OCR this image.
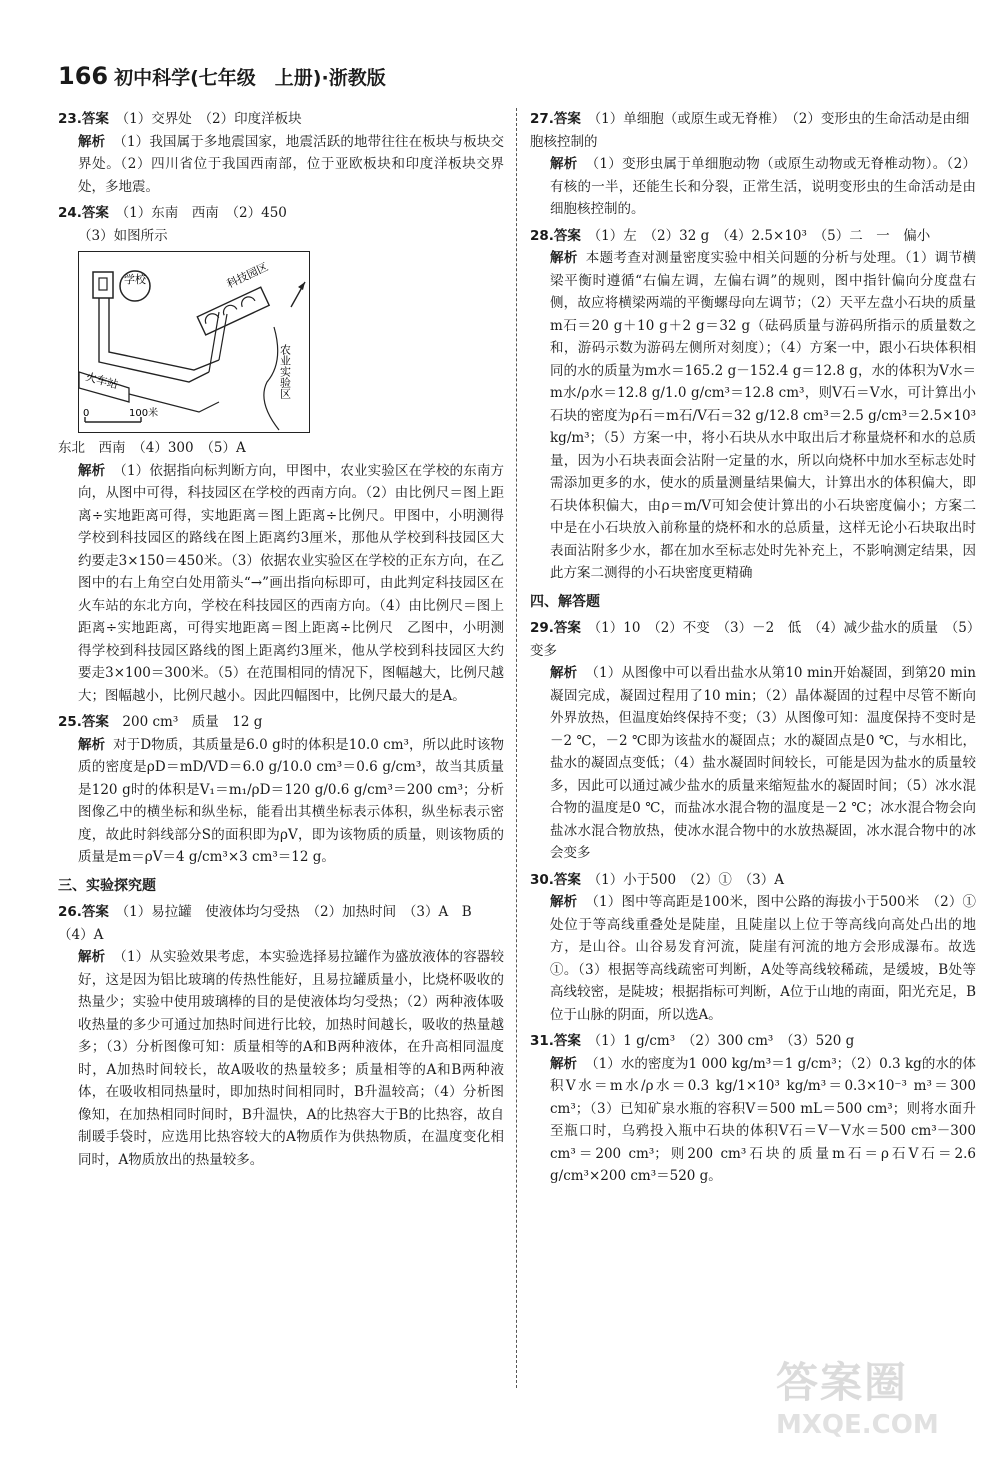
166 初中科学(七年级　上册)·浙教版
23.答案　 （1）交界处　（2）印度洋板块

解析 （1）我国属于多地震国家，地震活跃的地带往往在板块与板块交界处。（2）四川省位于我国西南部，位于亚欧板块和印度洋板块交界处，多地震。

24.答案　 （1）东南　西南　（2）450
（3）如图所示
学校	科技园区
农业实验区
火车站
0	100米
东北　西南　（4）300　（5）A

解析 （1）依据指向标判断方向，甲图中，农业实验区在学校的东南方向，从图中可得，科技园区在学校的西南方向。（2）由比例尺＝图上距离÷实地距离可得，实地距离＝图上距离÷比例尺。甲图中，小明测得学校到科技园区的路线在图上距离约3厘米，那他从学校到科技园区大约要走3×150＝450米。（3）依据农业实验区在学校的正东方向，在乙图中的右上角空白处用箭头“→”画出指向标即可，由此判定科技园区在火车站的东北方向，学校在科技园区的西南方向。（4）由比例尺＝图上距离÷实地距离，可得实地距离＝图上距离÷比例尺　乙图中，小明测得学校到科技园区路线的图上距离约3厘米，他从学校到科技园区大约要走3×100＝300米。（5）在范围相同的情况下，图幅越大，比例尺越大；图幅越小，比例尺越小。因此四幅图中，比例尺最大的是A。

25.答案　 200 cm³　质量　12 g

解析 对于D物质，其质量是6.0 g时的体积是10.0 cm³，所以此时该物质的密度是ρD＝mD/VD＝6.0 g/10.0 cm³＝0.6 g/cm³，故当其质量是120 g时的体积是V₁＝m₁/ρD＝120 g/0.6 g/cm³＝200 cm³；分析图像乙中的横坐标和纵坐标，能看出其横坐标表示体积，纵坐标表示密度，故此时斜线部分S的面积即为ρV，即为该物质的质量，则该物质的质量是m＝ρV＝4 g/cm³×3 cm³＝12 g。

三、实验探究题
26.答案　 （1）易拉罐　使液体均匀受热　（2）加热时间　（3）A　B　（4）A

解析 （1）从实验效果考虑，本实验选择易拉罐作为盛放液体的容器较好，这是因为铝比玻璃的传热性能好，且易拉罐质量小，比烧杯吸收的热量少；实验中使用玻璃棒的目的是使液体均匀受热；（2）两种液体吸收热量的多少可通过加热时间进行比较，加热时间越长，吸收的热量越多；（3）分析图像可知：质量相等的A和B两种液体，在升高相同温度时，A加热时间较长，故A吸收的热量较多；质量相等的A和B两种液体，在吸收相同热量时，即加热时间相同时，B升温较高；（4）分析图像知，在加热相同时间时，B升温快，A的比热容大于B的比热容，故自制暖手袋时，应选用比热容较大的A物质作为供热物质，在温度变化相同时，A物质放出的热量较多。

27.答案　 （1）单细胞（或原生或无脊椎）　（2）变形虫的生命活动是由细胞核控制的

解析 （1）变形虫属于单细胞动物（或原生动物或无脊椎动物）。（2）有核的一半，还能生长和分裂，正常生活，说明变形虫的生命活动是由细胞核控制的。

28.答案　 （1）左　（2）32 g　（4）2.5×10³　（5）二　一　偏小

解析 本题考查对测量密度实验中相关问题的分析与处理。（1）调节横梁平衡时遵循“右偏左调，左偏右调”的规则，图中指针偏向分度盘右侧，故应将横梁两端的平衡螺母向左调节；（2）天平左盘小石块的质量m石＝20 g＋10 g＋2 g＝32 g（砝码质量与游码所指示的质量数之和，游码示数为游码左侧所对刻度）；（4）方案一中，跟小石块体积相同的水的质量为m水＝165.2 g－152.4 g＝12.8 g，水的体积为V水＝m水/ρ水＝12.8 g/1.0 g/cm³＝12.8 cm³，则V石＝V水，可计算出小石块的密度为ρ石＝m石/V石＝32 g/12.8 cm³＝2.5 g/cm³＝2.5×10³ kg/m³；（5）方案一中，将小石块从水中取出后才称量烧杯和水的总质量，因为小石块表面会沾附一定量的水，所以向烧杯中加水至标志处时需添加更多的水，使水的质量测量结果偏大，计算出水的体积偏大，即石块体积偏大，由ρ＝m/V可知会使计算出的小石块密度偏小；方案二中是在小石块放入前称量的烧杯和水的总质量，这样无论小石块取出时表面沾附多少水，都在加水至标志处时先补充上，不影响测定结果，因此方案二测得的小石块密度更精确

四、解答题
29.答案　 （1）10　（2）不变　（3）－2　低　（4）减少盐水的质量　（5）变多

解析 （1）从图像中可以看出盐水从第10 min开始凝固，到第20 min凝固完成，凝固过程用了10 min；（2）晶体凝固的过程中尽管不断向外界放热，但温度始终保持不变；（3）从图像可知：温度保持不变时是－2 ℃，－2 ℃即为该盐水的凝固点；水的凝固点是0 ℃，与水相比，盐水的凝固点变低；（4）盐水凝固时间较长，可能是因为盐水的质量较多，因此可以通过减少盐水的质量来缩短盐水的凝固时间；（5）冰水混合物的温度是0 ℃，而盐冰水混合物的温度是－2 ℃；冰水混合物会向盐冰水混合物放热，使冰水混合物中的水放热凝固，冰水混合物中的冰会变多

30.答案　 （1）小于500　（2）①　（3）A

解析 （1）图中等高距是100米，图中公路的海拔小于500米　（2）①处位于等高线重叠处是陡崖，且陡崖以上位于等高线向高处凸出的地方，是山谷。山谷易发育河流，陡崖有河流的地方会形成瀑布。故选①。（3）根据等高线疏密可判断，A处等高线较稀疏，是缓坡，B处等高线较密，是陡坡；根据指标可判断，A位于山地的南面，阳光充足，B位于山脉的阴面，所以选A。

31.答案　 （1）1 g/cm³　（2）300 cm³　（3）520 g

解析 （1）水的密度为1 000 kg/m³＝1 g/cm³；（2）0.3 kg的水的体积V水＝m水/ρ水＝0.3 kg/1×10³ kg/m³＝0.3×10⁻³ m³＝300 cm³；（3）已知矿泉水瓶的容积V＝500 mL＝500 cm³；则将水面升至瓶口时，乌鸦投入瓶中石块的体积V石＝V－V水＝500 cm³－300 cm³＝200 cm³；则200 cm³石块的质量m石＝ρ石V石＝2.6 g/cm³×200 cm³＝520 g。

答案圈
MXQE.COM
